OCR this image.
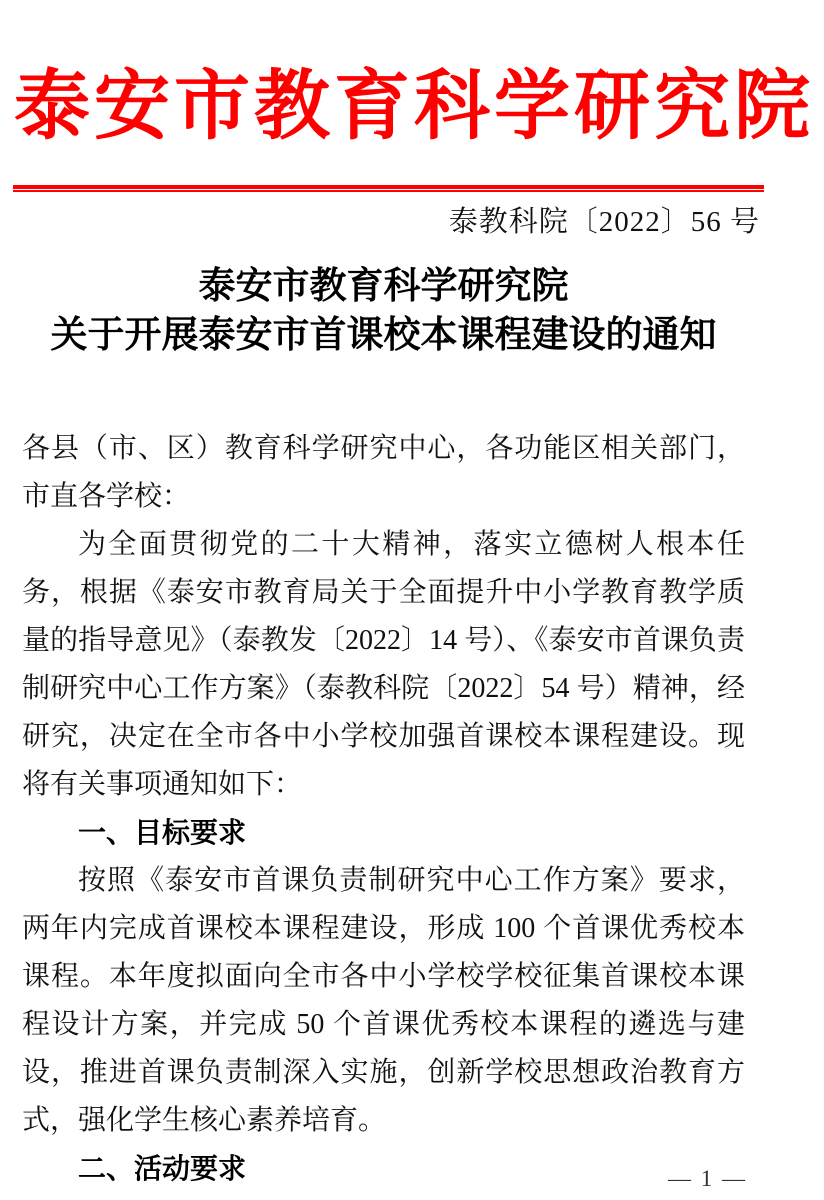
泰安市教育科学研究院
泰教科院〔2022〕56 号
泰安市教育科学研究院
关于开展泰安市首课校本课程建设的通知

各县（市、区）教育科学研究中心，各功能区相关部门，市直各学校：

为全面贯彻党的二十大精神，落实立德树人根本任务，根据《泰安市教育局关于全面提升中小学教育教学质量的指导意见》（泰教发〔2022〕14 号）、《泰安市首课负责制研究中心工作方案》（泰教科院〔2022〕54 号）精神，经研究，决定在全市各中小学校加强首课校本课程建设。现将有关事项通知如下：

一、目标要求

按照《泰安市首课负责制研究中心工作方案》要求，两年内完成首课校本课程建设，形成 100 个首课优秀校本课程。本年度拟面向全市各中小学校学校征集首课校本课程设计方案，并完成 50 个首课优秀校本课程的遴选与建设，推进首课负责制深入实施，创新学校思想政治教育方式，强化学生核心素养培育。

二、活动要求	— 1 —
